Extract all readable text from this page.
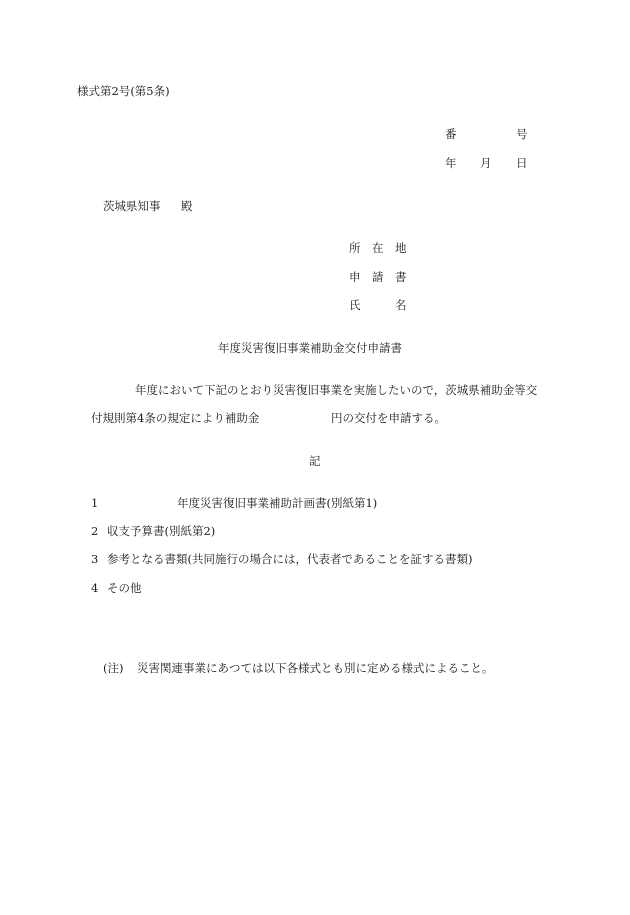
様式第2号(第5条)
番	号
年 月 日
茨城県知事 殿
所　在　地
申　請　書
氏　　　名
年度災害復旧事業補助金交付申請書
年度において下記のとおり災害復旧事業を実施したいので，茨城県補助金等交
付規則第4条の規定により補助金	円の交付を申請する。
記
1	年度災害復旧事業補助計画書(別紙第1)
2 収支予算書(別紙第2)
3 参考となる書類(共同施行の場合には，代表者であることを証する書類)
4 その他
(注) 災害関連事業にあつては以下各様式とも別に定める様式によること。
